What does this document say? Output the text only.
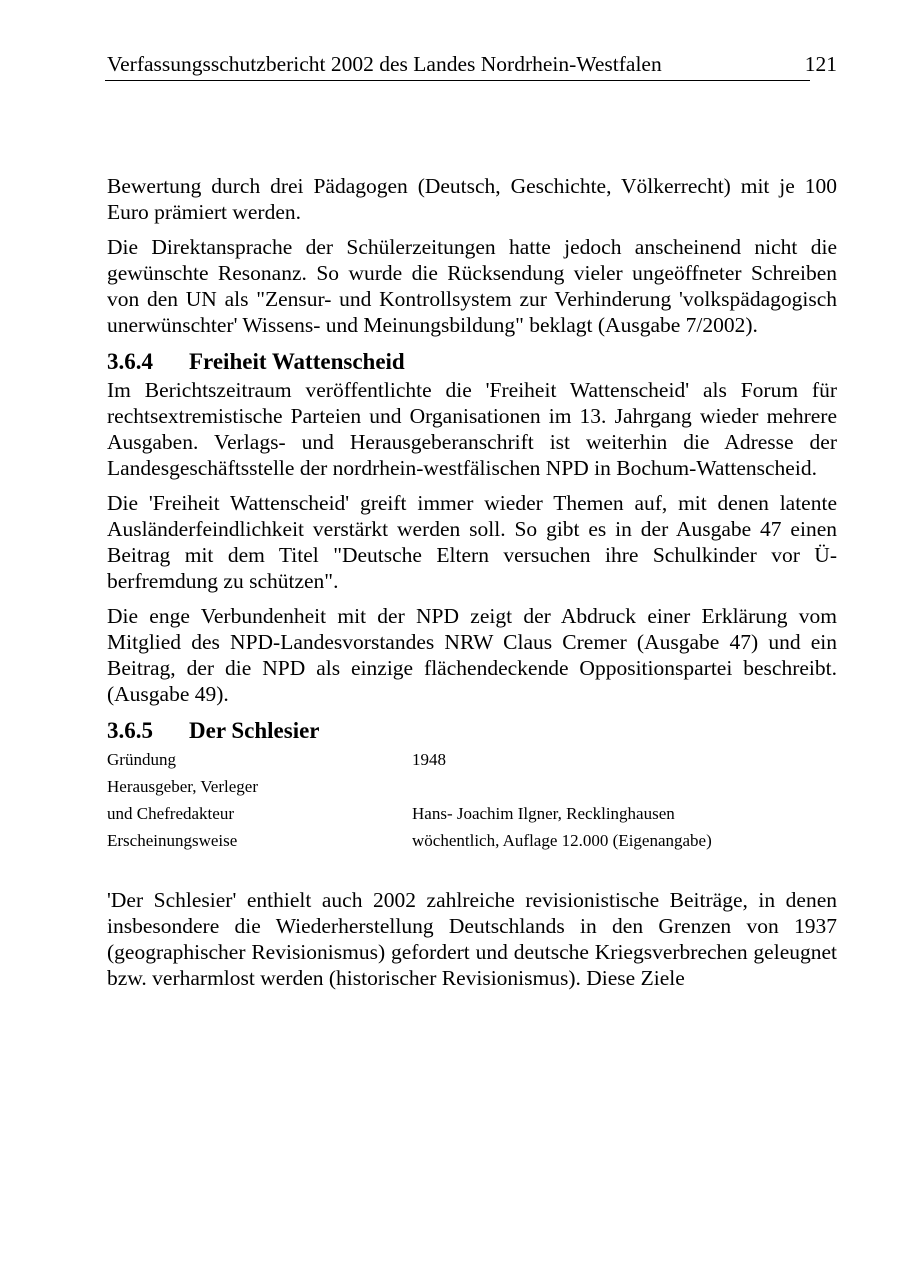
Verfassungsschutzbericht 2002 des Landes Nordrhein-Westfalen	121

Bewertung durch drei Pädagogen (Deutsch, Geschichte, Völkerrecht) mit je 100 Euro prämiert werden.

Die Direktansprache der Schülerzeitungen hatte jedoch anscheinend nicht die gewünschte Resonanz. So wurde die Rücksendung vieler ungeöffneter Schreiben von den UN als "Zensur- und Kontrollsystem zur Verhinderung 'volkspädagogisch unerwünschter' Wissens- und Meinungsbildung" beklagt (Ausgabe 7/2002).

3.6.4 Freiheit Wattenscheid

Im Berichtszeitraum veröffentlichte die 'Freiheit Wattenscheid' als Forum für rechtsextremistische Parteien und Organisationen im 13. Jahrgang wieder mehrere Ausgaben. Verlags- und Herausgeberanschrift ist weiterhin die Adresse der Landesgeschäftsstelle der nordrhein-westfälischen NPD in Bochum-Wattenscheid.

Die 'Freiheit Wattenscheid' greift immer wieder Themen auf, mit denen latente Ausländerfeindlichkeit verstärkt werden soll. So gibt es in der Ausgabe 47 einen Beitrag mit dem Titel "Deutsche Eltern versuchen ihre Schulkinder vor Überfremdung zu schützen".

Die enge Verbundenheit mit der NPD zeigt der Abdruck einer Erklärung vom Mitglied des NPD-Landesvorstandes NRW Claus Cremer (Ausgabe 47) und ein Beitrag, der die NPD als einzige flächendeckende Oppositionspartei beschreibt. (Ausgabe 49).

3.6.5 Der Schlesier
Gründung	1948
Herausgeber, Verleger	
und Chefredakteur	Hans- Joachim Ilgner, Recklinghausen
Erscheinungsweise	wöchentlich, Auflage 12.000 (Eigenangabe)

'Der Schlesier' enthielt auch 2002 zahlreiche revisionistische Beiträge, in denen insbesondere die Wiederherstellung Deutschlands in den Grenzen von 1937 (geographischer Revisionismus) gefordert und deutsche Kriegsverbrechen geleugnet bzw. verharmlost werden (historischer Revisionismus). Diese Ziele
